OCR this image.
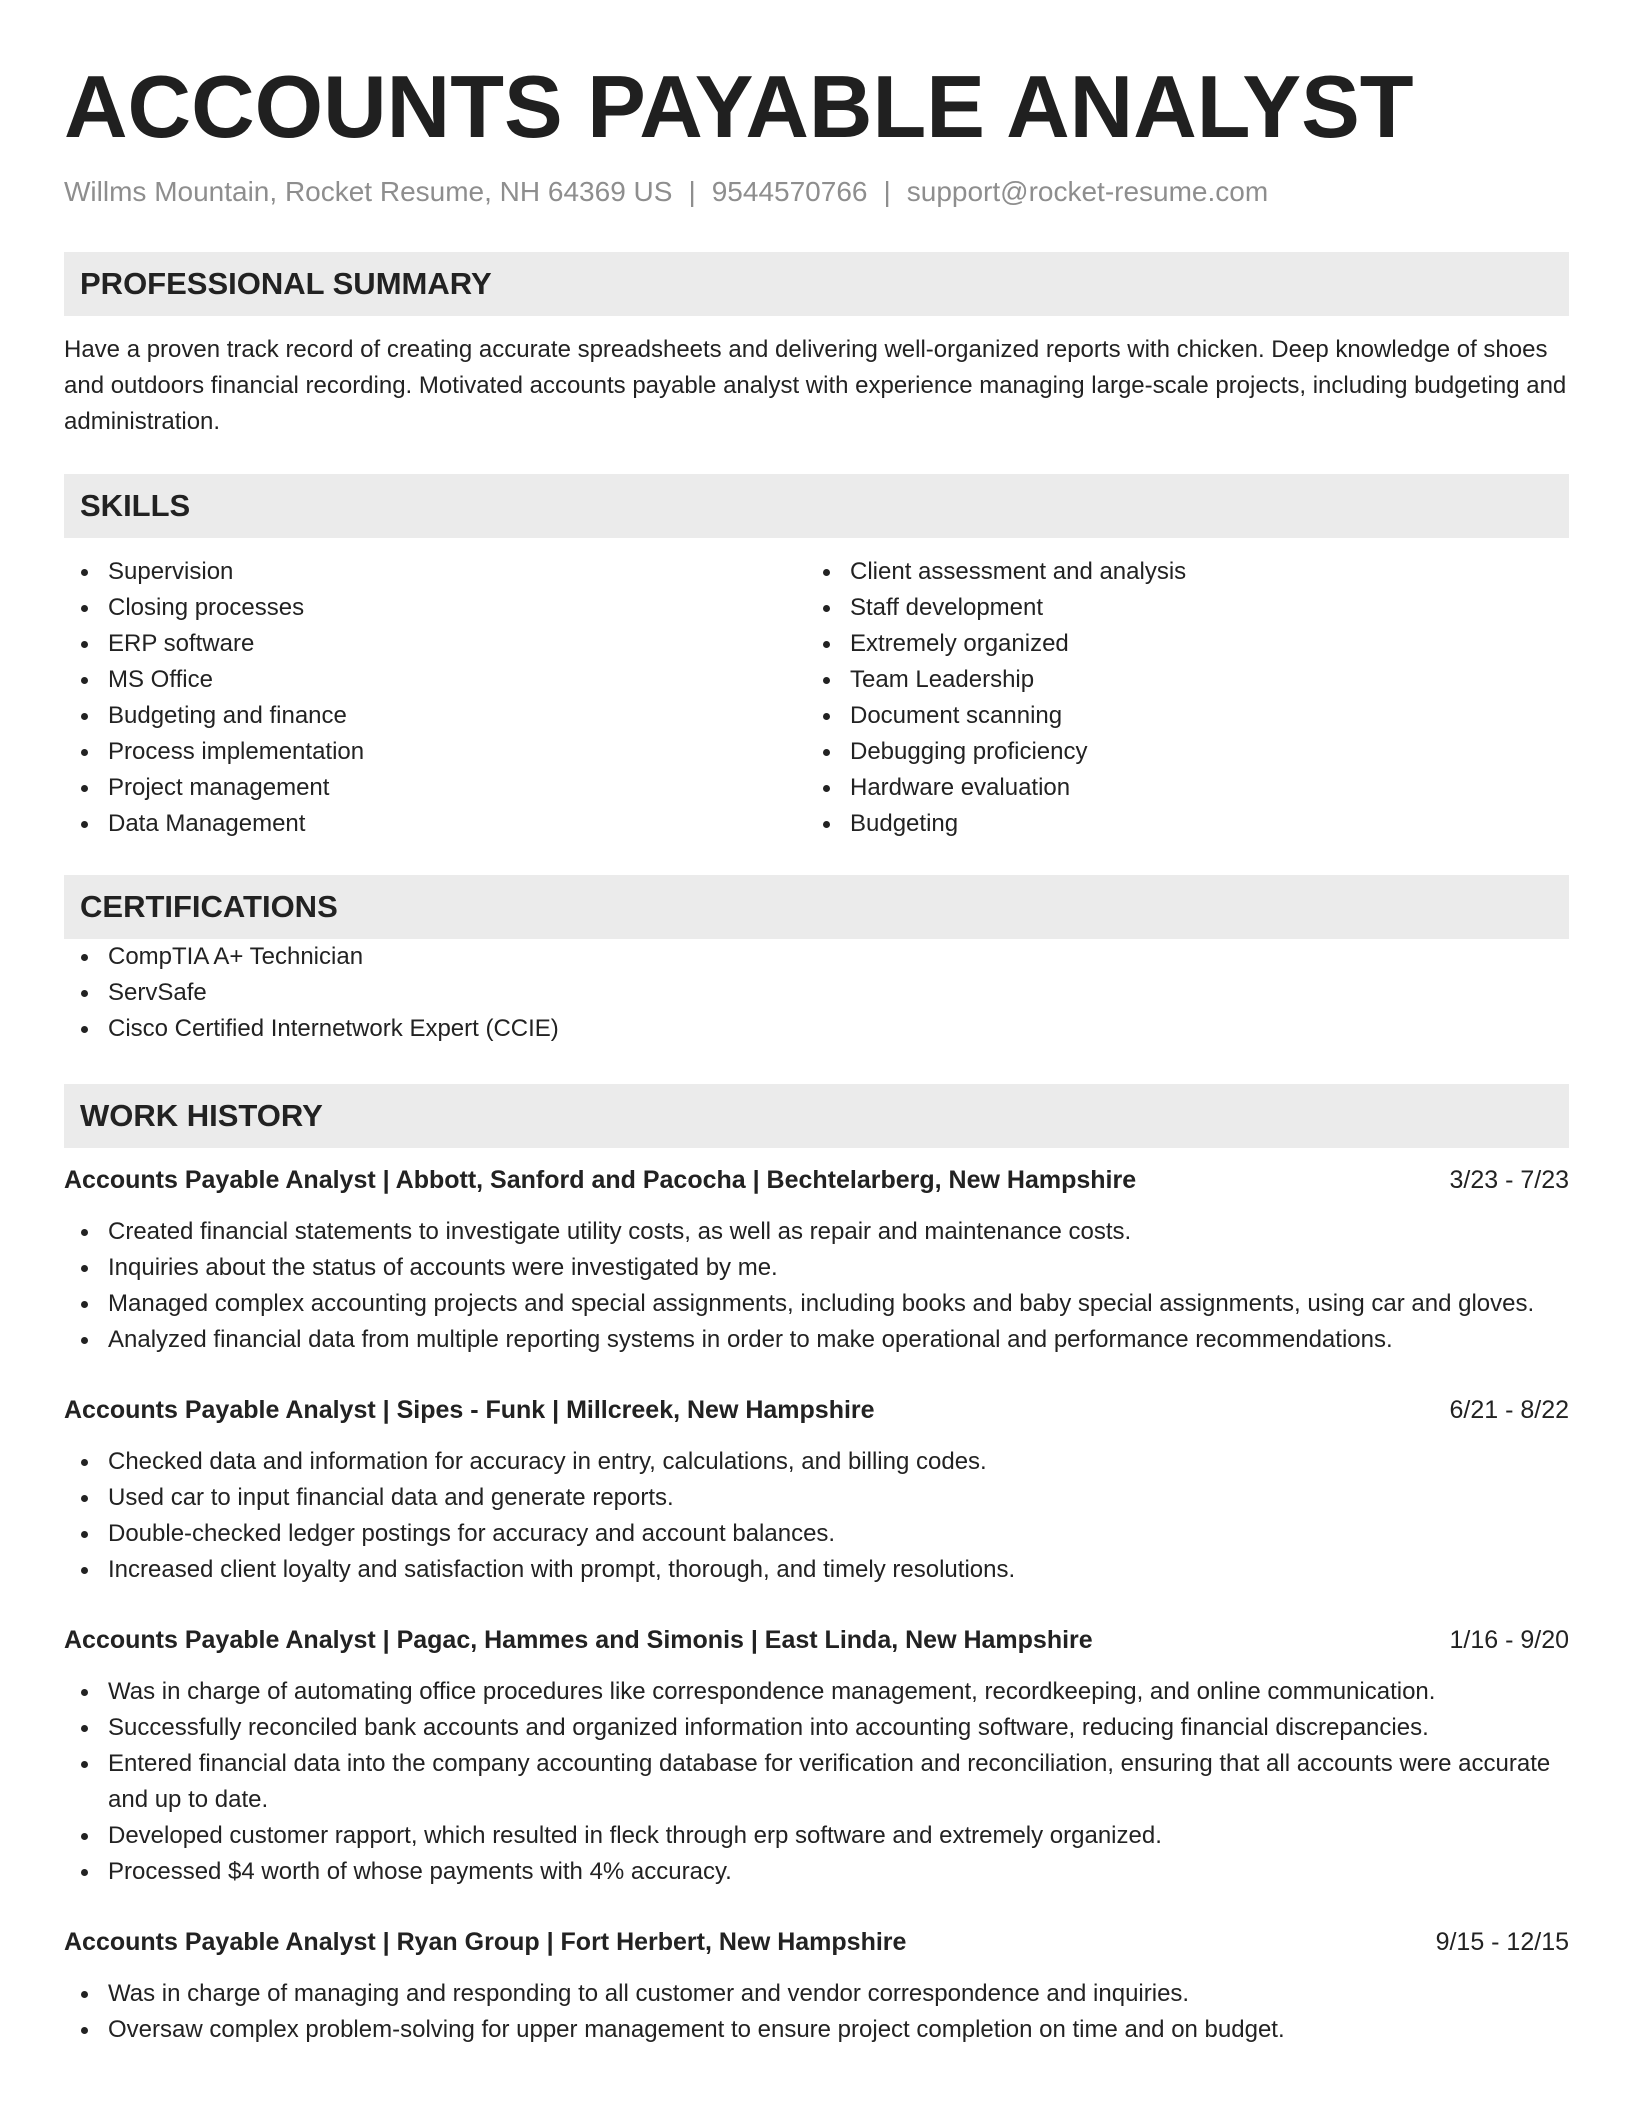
ACCOUNTS PAYABLE ANALYST
Willms Mountain, Rocket Resume, NH 64369 US | 9544570766 | support@rocket-resume.com
PROFESSIONAL SUMMARY
Have a proven track record of creating accurate spreadsheets and delivering well-organized reports with chicken. Deep knowledge of shoes and outdoors financial recording. Motivated accounts payable analyst with experience managing large-scale projects, including budgeting and administration.
SKILLS
Supervision
Closing processes
ERP software
MS Office
Budgeting and finance
Process implementation
Project management
Data Management
Client assessment and analysis
Staff development
Extremely organized
Team Leadership
Document scanning
Debugging proficiency
Hardware evaluation
Budgeting
CERTIFICATIONS
CompTIA A+ Technician
ServSafe
Cisco Certified Internetwork Expert (CCIE)
WORK HISTORY
Accounts Payable Analyst | Abbott, Sanford and Pacocha | Bechtelarberg, New Hampshire	3/23 - 7/23
Created financial statements to investigate utility costs, as well as repair and maintenance costs.
Inquiries about the status of accounts were investigated by me.
Managed complex accounting projects and special assignments, including books and baby special assignments, using car and gloves.
Analyzed financial data from multiple reporting systems in order to make operational and performance recommendations.
Accounts Payable Analyst | Sipes - Funk | Millcreek, New Hampshire	6/21 - 8/22
Checked data and information for accuracy in entry, calculations, and billing codes.
Used car to input financial data and generate reports.
Double-checked ledger postings for accuracy and account balances.
Increased client loyalty and satisfaction with prompt, thorough, and timely resolutions.
Accounts Payable Analyst | Pagac, Hammes and Simonis | East Linda, New Hampshire	1/16 - 9/20
Was in charge of automating office procedures like correspondence management, recordkeeping, and online communication.
Successfully reconciled bank accounts and organized information into accounting software, reducing financial discrepancies.
Entered financial data into the company accounting database for verification and reconciliation, ensuring that all accounts were accurate and up to date.
Developed customer rapport, which resulted in fleck through erp software and extremely organized.
Processed $4 worth of whose payments with 4% accuracy.
Accounts Payable Analyst | Ryan Group | Fort Herbert, New Hampshire	9/15 - 12/15
Was in charge of managing and responding to all customer and vendor correspondence and inquiries.
Oversaw complex problem-solving for upper management to ensure project completion on time and on budget.
